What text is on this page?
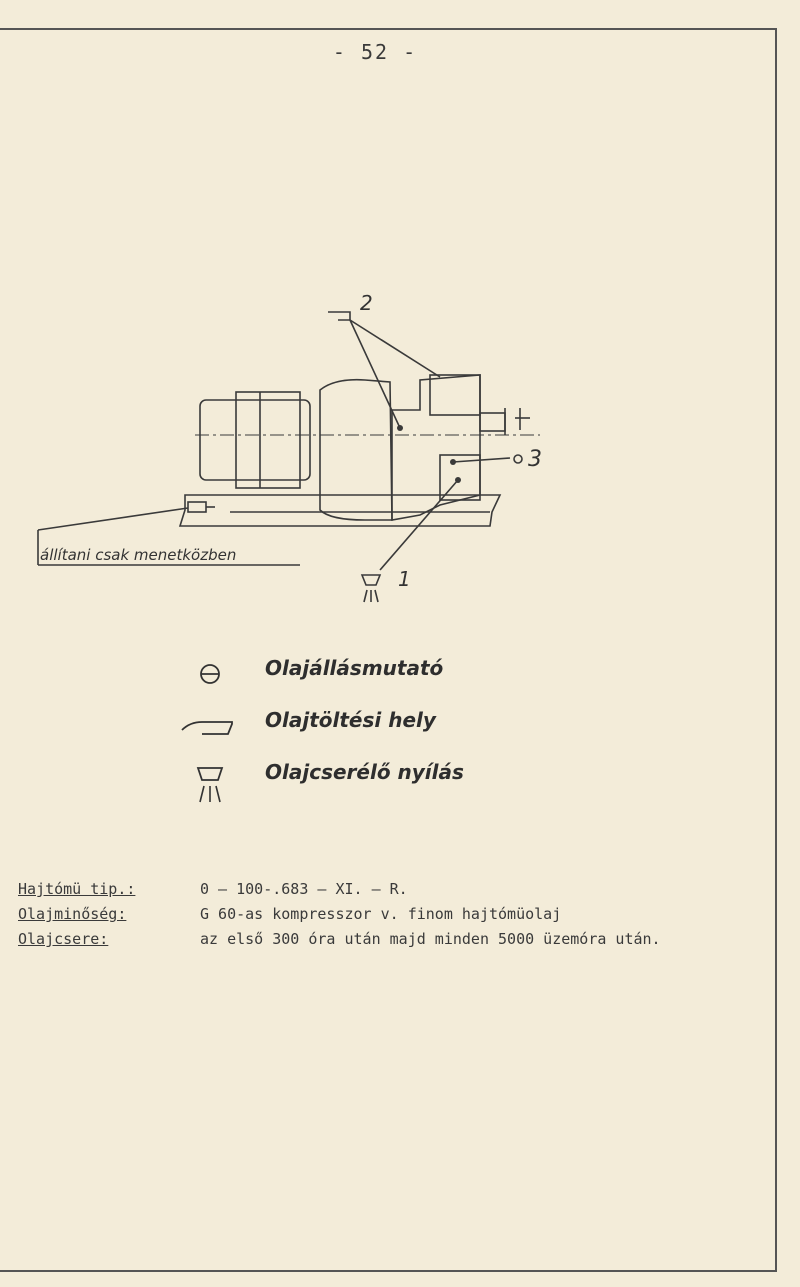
- 52 -
2
3
1
állítani csak menetközben
Olajállásmutató
Olajtöltési hely
Olajcserélő nyílás
Hajtómü tip.:	0 – 100-.683 – XI. – R.
Olajminőség:	G 60-as kompresszor v. finom hajtómüolaj
Olajcsere:	az első 300 óra után majd minden 5000 üzemóra után.
